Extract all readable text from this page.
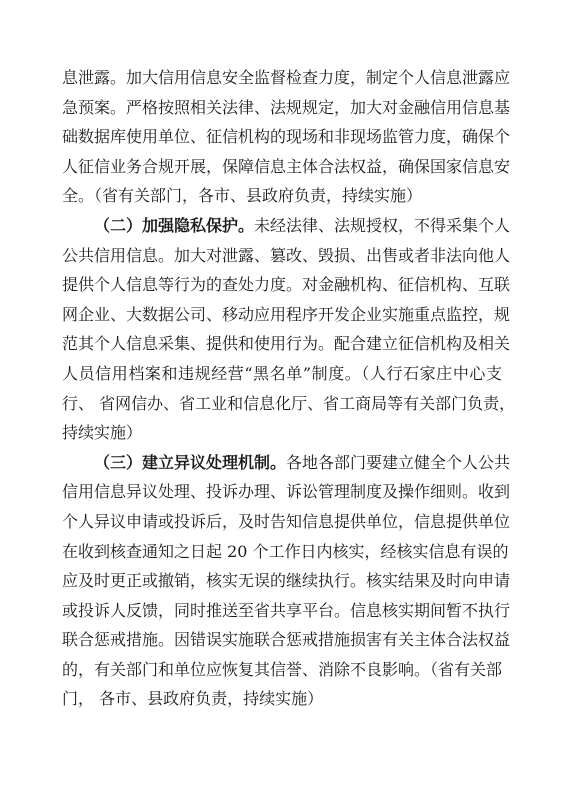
息泄露。加大信用信息安全监督检查力度，制定个人信息泄露应
急预案。严格按照相关法律、法规规定，加大对金融信用信息基
础数据库使用单位、征信机构的现场和非现场监管力度，确保个
人征信业务合规开展，保障信息主体合法权益，确保国家信息安
全。（省有关部门，各市、县政府负责，持续实施）
（二）加强隐私保护。未经法律、法规授权，不得采集个人
公共信用信息。加大对泄露、篡改、毁损、出售或者非法向他人
提供个人信息等行为的查处力度。对金融机构、征信机构、互联
网企业、大数据公司、移动应用程序开发企业实施重点监控，规
范其个人信息采集、提供和使用行为。配合建立征信机构及相关
人员信用档案和违规经营“黑名单”制度。（人行石家庄中心支
行、 省网信办、省工业和信息化厅、省工商局等有关部门负责，
持续实施）
（三）建立异议处理机制。各地各部门要建立健全个人公共
信用信息异议处理、投诉办理、诉讼管理制度及操作细则。收到
个人异议申请或投诉后，及时告知信息提供单位，信息提供单位
在收到核查通知之日起 20 个工作日内核实，经核实信息有误的
应及时更正或撤销，核实无误的继续执行。核实结果及时向申请
或投诉人反馈，同时推送至省共享平台。信息核实期间暂不执行
联合惩戒措施。因错误实施联合惩戒措施损害有关主体合法权益
的，有关部门和单位应恢复其信誉、消除不良影响。（省有关部
门， 各市、县政府负责，持续实施）
